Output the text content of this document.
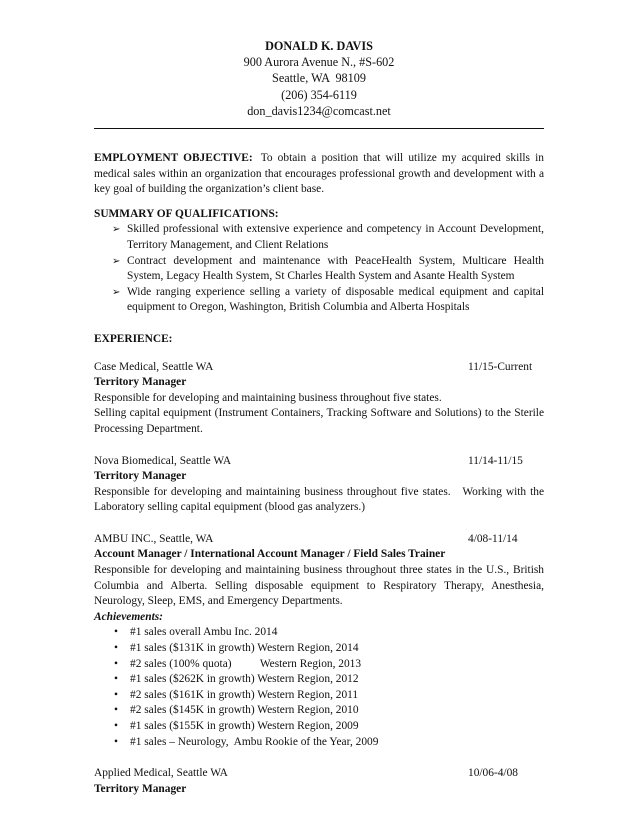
DONALD K. DAVIS
900 Aurora Avenue N., #S-602
Seattle, WA  98109
(206) 354-6119
don_davis1234@comcast.net
EMPLOYMENT OBJECTIVE: To obtain a position that will utilize my acquired skills in medical sales within an organization that encourages professional growth and development with a key goal of building the organization’s client base.
SUMMARY OF QUALIFICATIONS:
➢ Skilled professional with extensive experience and competency in Account Development, Territory Management, and Client Relations
➢ Contract development and maintenance with PeaceHealth System, Multicare Health System, Legacy Health System, St Charles Health System and Asante Health System
➢ Wide ranging experience selling a variety of disposable medical equipment and capital equipment to Oregon, Washington, British Columbia and Alberta Hospitals
EXPERIENCE:
Case Medical, Seattle WA	11/15-Current
Territory Manager
Responsible for developing and maintaining business throughout five states.
Selling capital equipment (Instrument Containers, Tracking Software and Solutions) to the Sterile Processing Department.
Nova Biomedical, Seattle WA	11/14-11/15
Territory Manager
Responsible for developing and maintaining business throughout five states.   Working with the Laboratory selling capital equipment (blood gas analyzers.)
AMBU INC., Seattle, WA	4/08-11/14
Account Manager / International Account Manager / Field Sales Trainer
Responsible for developing and maintaining business throughout three states in the U.S., British Columbia and Alberta. Selling disposable equipment to Respiratory Therapy, Anesthesia, Neurology, Sleep, EMS, and Emergency Departments.
Achievements:
• #1 sales overall Ambu Inc. 2014
• #1 sales ($131K in growth) Western Region, 2014
• #2 sales (100% quota)          Western Region, 2013
• #1 sales ($262K in growth) Western Region, 2012
• #2 sales ($161K in growth) Western Region, 2011
• #2 sales ($145K in growth) Western Region, 2010
• #1 sales ($155K in growth) Western Region, 2009
• #1 sales – Neurology,  Ambu Rookie of the Year, 2009
Applied Medical, Seattle WA	10/06-4/08
Territory Manager
